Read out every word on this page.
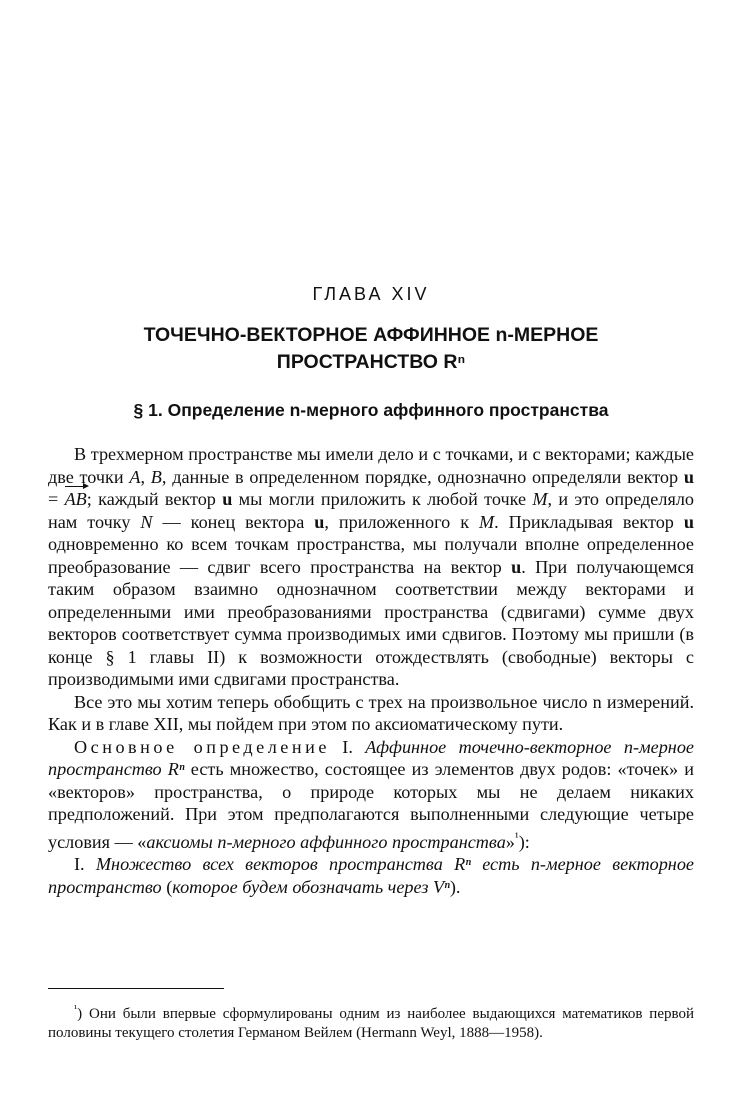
ГЛАВА XIV
ТОЧЕЧНО-ВЕКТОРНОЕ АФФИННОЕ n-МЕРНОЕ
ПРОСТРАНСТВО Rⁿ
§ 1. Определение n-мерного аффинного пространства

В трехмерном пространстве мы имели дело и с точками, и с векторами; каждые две точки A, B, данные в определенном порядке, однозначно определяли вектор u = AB; каждый вектор u мы могли приложить к любой точке M, и это определяло нам точку N — конец вектора u, приложенного к M. Прикладывая вектор u одновременно ко всем точкам пространства, мы получали вполне определенное преобразование — сдвиг всего пространства на вектор u. При получающемся таким образом взаимно однозначном соответствии между векторами и определенными ими преобразованиями пространства (сдвигами) сумме двух векторов соответствует сумма производимых ими сдвигов. Поэтому мы пришли (в конце § 1 главы II) к возможности отождествлять (свободные) векторы с производимыми ими сдвигами пространства.

Все это мы хотим теперь обобщить с трех на произвольное число n измерений. Как и в главе XII, мы пойдем при этом по аксиоматическому пути.

Основное определение I. Аффинное точечно-векторное n-мерное пространство Rⁿ есть множество, состоящее из элементов двух родов: «точек» и «векторов» пространства, о природе которых мы не делаем никаких предположений. При этом предполагаются выполненными следующие четыре условия — «аксиомы n-мерного аффинного пространства»$^{^1}$):

I. Множество всех векторов пространства Rⁿ есть n-мерное векторное пространство (которое будем обозначать через Vⁿ).

$^{^1}$) Они были впервые сформулированы одним из наиболее выдающихся математиков первой половины текущего столетия Германом Вейлем (Hermann Weyl, 1888—1958).
